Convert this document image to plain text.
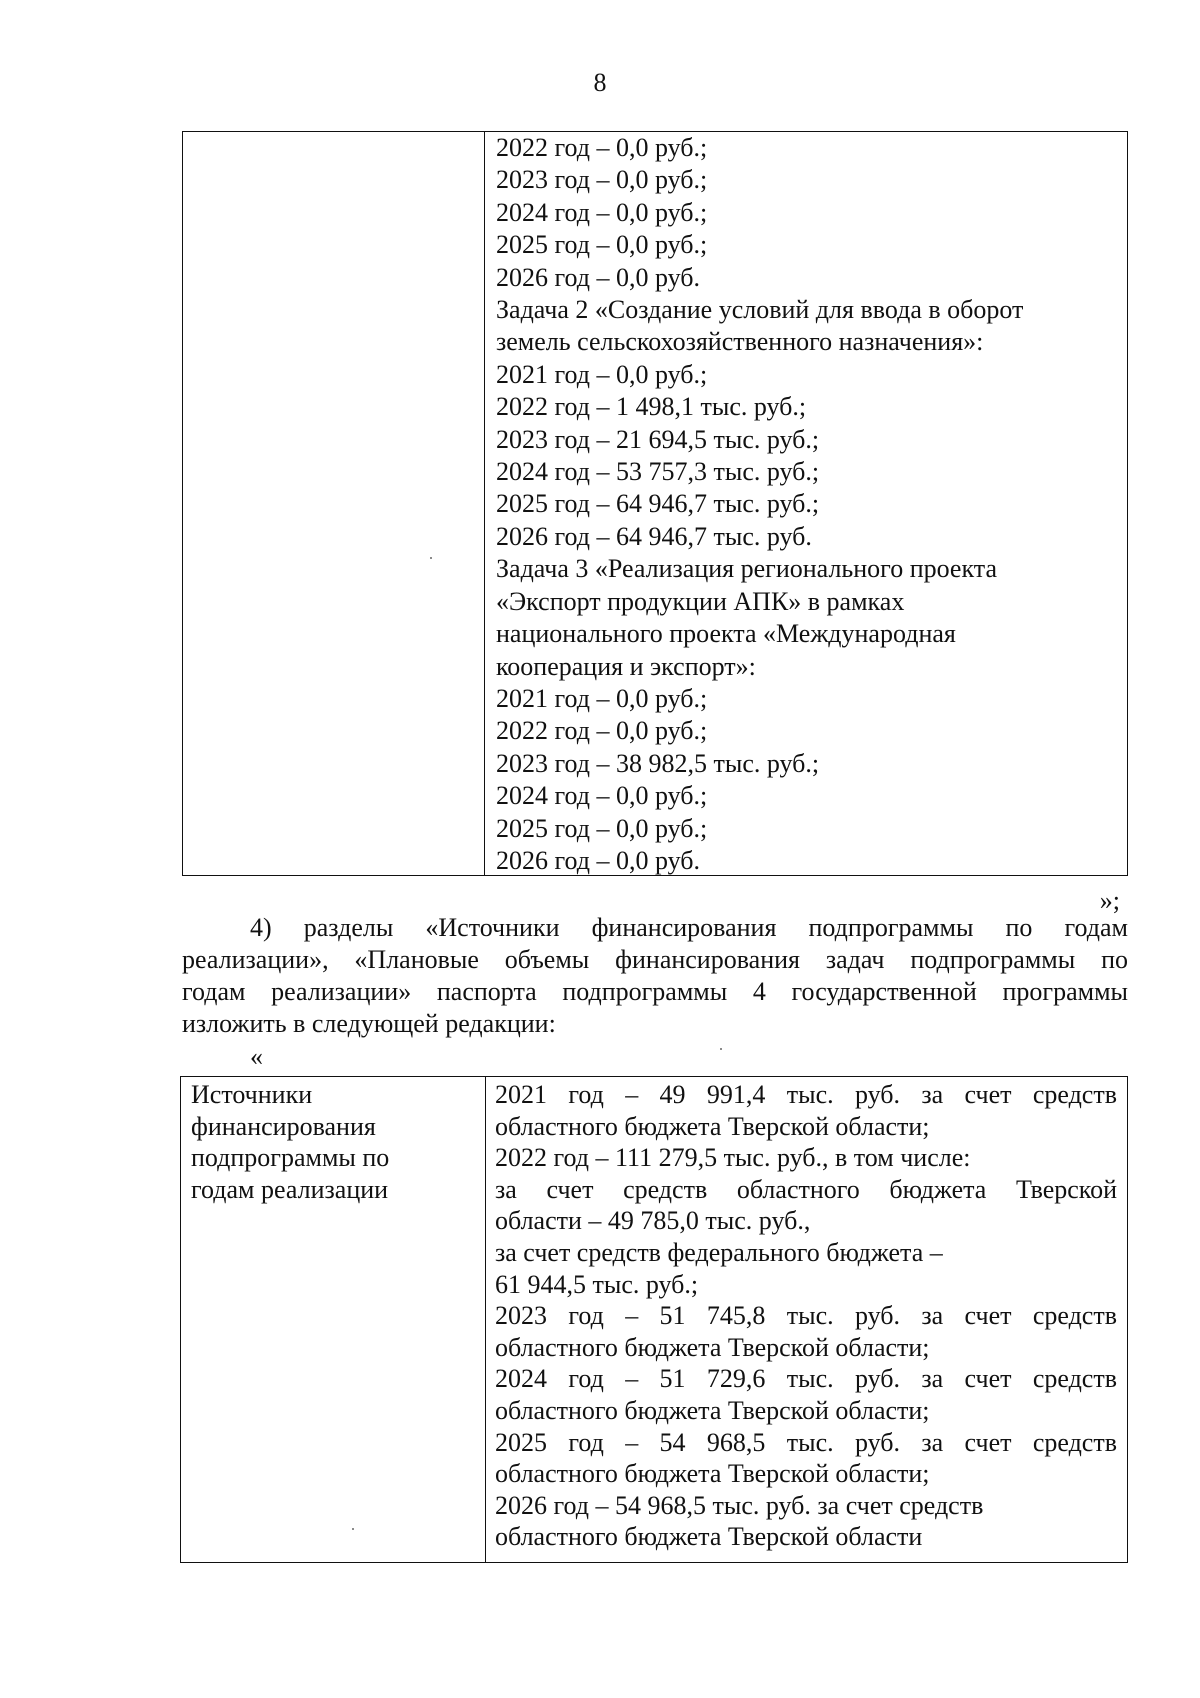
8
2022 год – 0,0 руб.;
2023 год – 0,0 руб.;
2024 год – 0,0 руб.;
2025 год – 0,0 руб.;
2026 год – 0,0 руб.
Задача 2 «Создание условий для ввода в оборот
земель сельскохозяйственного назначения»:
2021 год – 0,0 руб.;
2022 год – 1 498,1 тыс. руб.;
2023 год – 21 694,5 тыс. руб.;
2024 год – 53 757,3 тыс. руб.;
2025 год – 64 946,7 тыс. руб.;
2026 год – 64 946,7 тыс. руб.
Задача 3 «Реализация регионального проекта
«Экспорт продукции АПК» в рамках
национального проекта «Международная
кооперация и экспорт»:
2021 год – 0,0 руб.;
2022 год – 0,0 руб.;
2023 год – 38 982,5 тыс. руб.;
2024 год – 0,0 руб.;
2025 год – 0,0 руб.;
2026 год – 0,0 руб.
»;
4) разделы «Источники финансирования подпрограммы по годам
реализации», «Плановые объемы финансирования задач подпрограммы по
годам реализации» паспорта подпрограммы 4 государственной программы
изложить в следующей редакции:
«
Источники
финансирования
подпрограммы по
годам реализации
2021 год – 49 991,4 тыс. руб. за счет средств
областного бюджета Тверской области;
2022 год – 111 279,5 тыс. руб., в том числе:
за счет средств областного бюджета Тверской
области – 49 785,0 тыс. руб.,
за счет средств федерального бюджета –
61 944,5 тыс. руб.;
2023 год – 51 745,8 тыс. руб. за счет средств
областного бюджета Тверской области;
2024 год – 51 729,6 тыс. руб. за счет средств
областного бюджета Тверской области;
2025 год – 54 968,5 тыс. руб. за счет средств
областного бюджета Тверской области;
2026 год – 54 968,5 тыс. руб. за счет средств
областного бюджета Тверской области
